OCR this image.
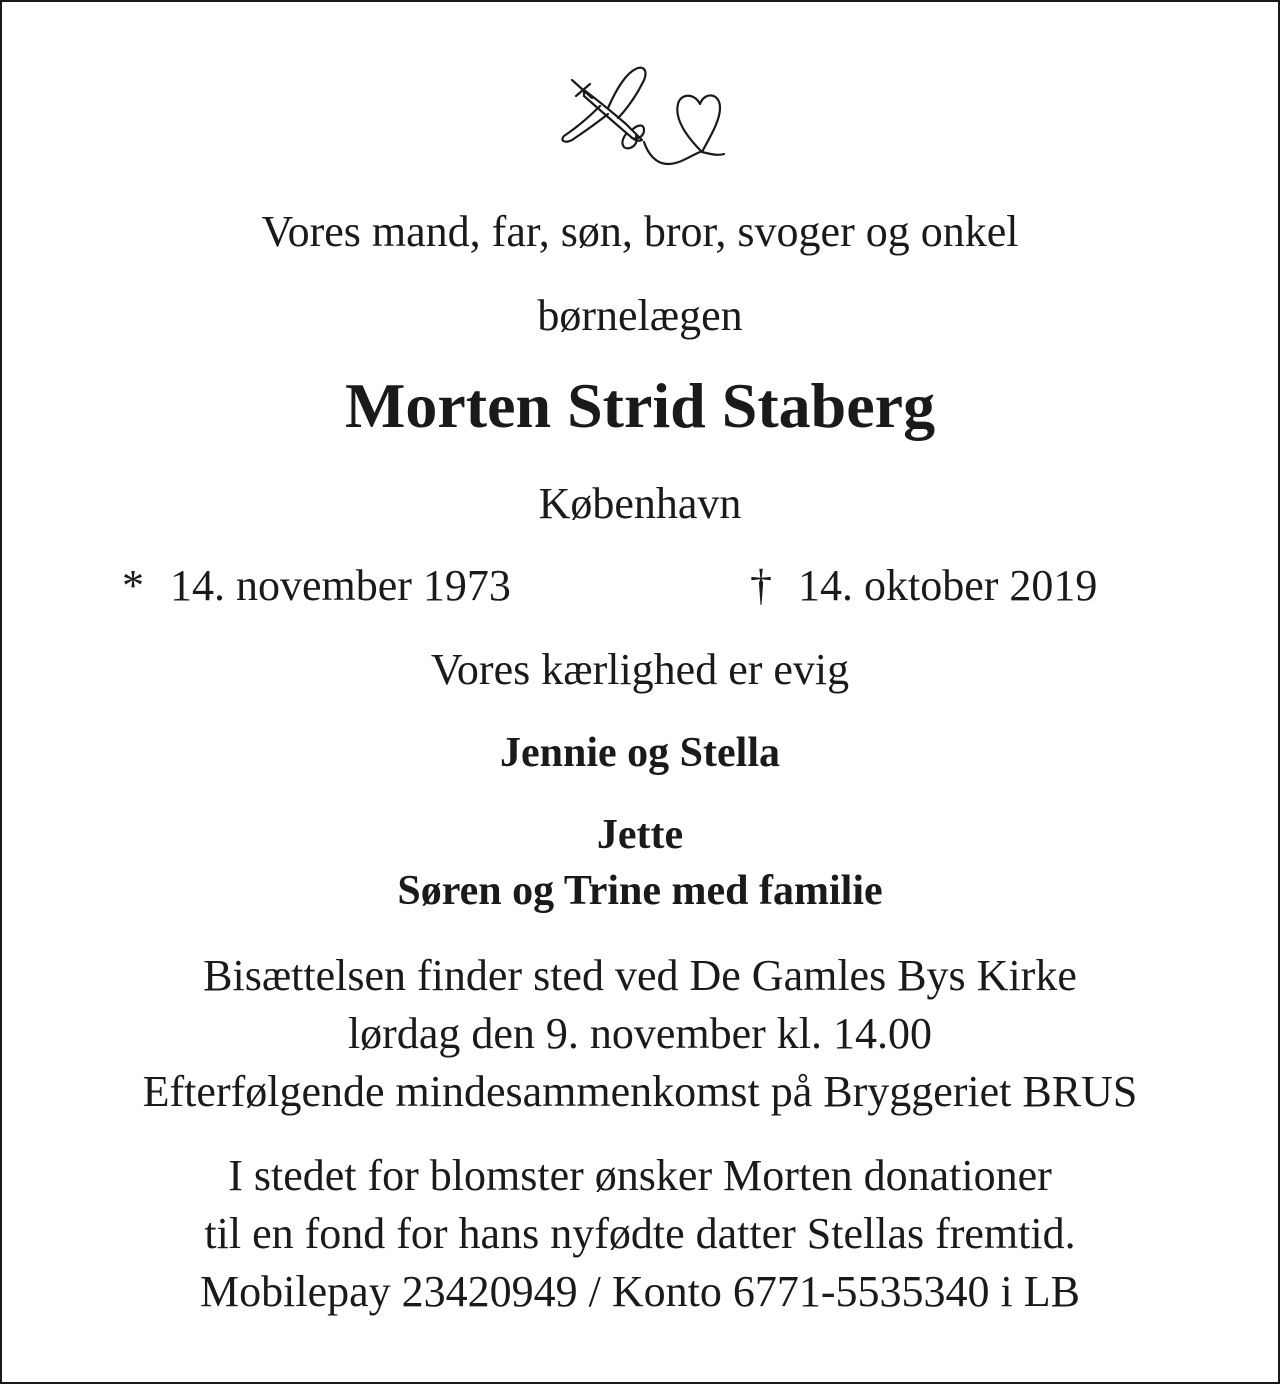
Vores mand, far, søn, bror, svoger og onkel
børnelægen
Morten Strid Staberg
København
* 14. november 1973	† 14. oktober 2019
Vores kærlighed er evig
Jennie og Stella
Jette
Søren og Trine med familie
Bisættelsen finder sted ved De Gamles Bys Kirke
lørdag den 9. november kl. 14.00
Efterfølgende mindesammenkomst på Bryggeriet BRUS
I stedet for blomster ønsker Morten donationer
til en fond for hans nyfødte datter Stellas fremtid.
Mobilepay 23420949 / Konto 6771-5535340 i LB
